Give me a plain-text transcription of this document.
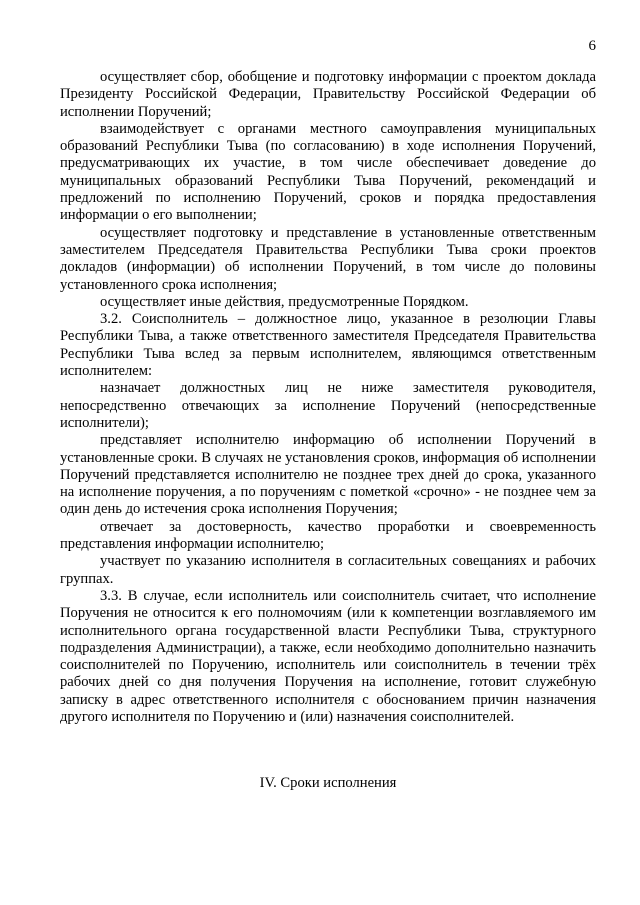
6

осуществляет сбор, обобщение и подготовку информации с проектом доклада Президенту Российской Федерации, Правительству Российской Федерации об исполнении Поручений;

взаимодействует с органами местного самоуправления муниципальных образований Республики Тыва (по согласованию) в ходе исполнения Поручений, предусматривающих их участие, в том числе обеспечивает доведение до муниципальных образований Республики Тыва Поручений, рекомендаций и предложений по исполнению Поручений, сроков и порядка предоставления информации о его выполнении;

осуществляет подготовку и представление в установленные ответственным заместителем Председателя Правительства Республики Тыва сроки проектов докладов (информации) об исполнении Поручений, в том числе до половины установленного срока исполнения;

осуществляет иные действия, предусмотренные Порядком.

3.2. Соисполнитель – должностное лицо, указанное в резолюции Главы Республики Тыва, а также ответственного заместителя Председателя Правительства Республики Тыва вслед за первым исполнителем, являющимся ответственным исполнителем:

назначает должностных лиц не ниже заместителя руководителя, непосредственно отвечающих за исполнение Поручений (непосредственные исполнители);

представляет исполнителю информацию об исполнении Поручений в установленные сроки. В случаях не установления сроков, информация об исполнении Поручений представляется исполнителю не позднее трех дней до срока, указанного на исполнение поручения, а по поручениям с пометкой «срочно» - не позднее чем за один день до истечения срока исполнения Поручения;

отвечает за достоверность, качество проработки и своевременность представления информации исполнителю;

участвует по указанию исполнителя в согласительных совещаниях и рабочих группах.

3.3. В случае, если исполнитель или соисполнитель считает, что исполнение Поручения не относится к его полномочиям (или к компетенции возглавляемого им исполнительного органа государственной власти Республики Тыва, структурного подразделения Администрации), а также, если необходимо дополнительно назначить соисполнителей по Поручению, исполнитель или соисполнитель в течении трёх рабочих дней со дня получения Поручения на исполнение, готовит служебную записку в адрес ответственного исполнителя с обоснованием причин назначения другого исполнителя по Поручению и (или) назначения соисполнителей.

IV. Сроки исполнения
